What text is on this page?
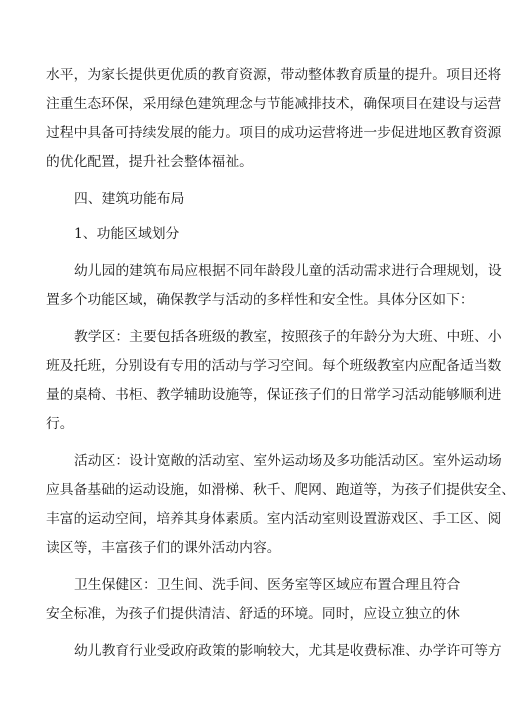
水平，为家长提供更优质的教育资源，带动整体教育质量的提升。项目还将
注重生态环保，采用绿色建筑理念与节能减排技术，确保项目在建设与运营
过程中具备可持续发展的能力。项目的成功运营将进一步促进地区教育资源
的优化配置，提升社会整体福祉。
四、建筑功能布局
1、功能区域划分
幼儿园的建筑布局应根据不同年龄段儿童的活动需求进行合理规划，设
置多个功能区域，确保教学与活动的多样性和安全性。具体分区如下：
教学区：主要包括各班级的教室，按照孩子的年龄分为大班、中班、小
班及托班，分别设有专用的活动与学习空间。每个班级教室内应配备适当数
量的桌椅、书柜、教学辅助设施等，保证孩子们的日常学习活动能够顺利进
行。
活动区：设计宽敞的活动室、室外运动场及多功能活动区。室外运动场
应具备基础的运动设施，如滑梯、秋千、爬网、跑道等，为孩子们提供安全、
丰富的运动空间，培养其身体素质。室内活动室则设置游戏区、手工区、阅
读区等，丰富孩子们的课外活动内容。
卫生保健区：卫生间、洗手间、医务室等区域应布置合理且符合
安全标准，为孩子们提供清洁、舒适的环境。同时，应设立独立的休
幼儿教育行业受政府政策的影响较大，尤其是收费标准、办学许可等方
